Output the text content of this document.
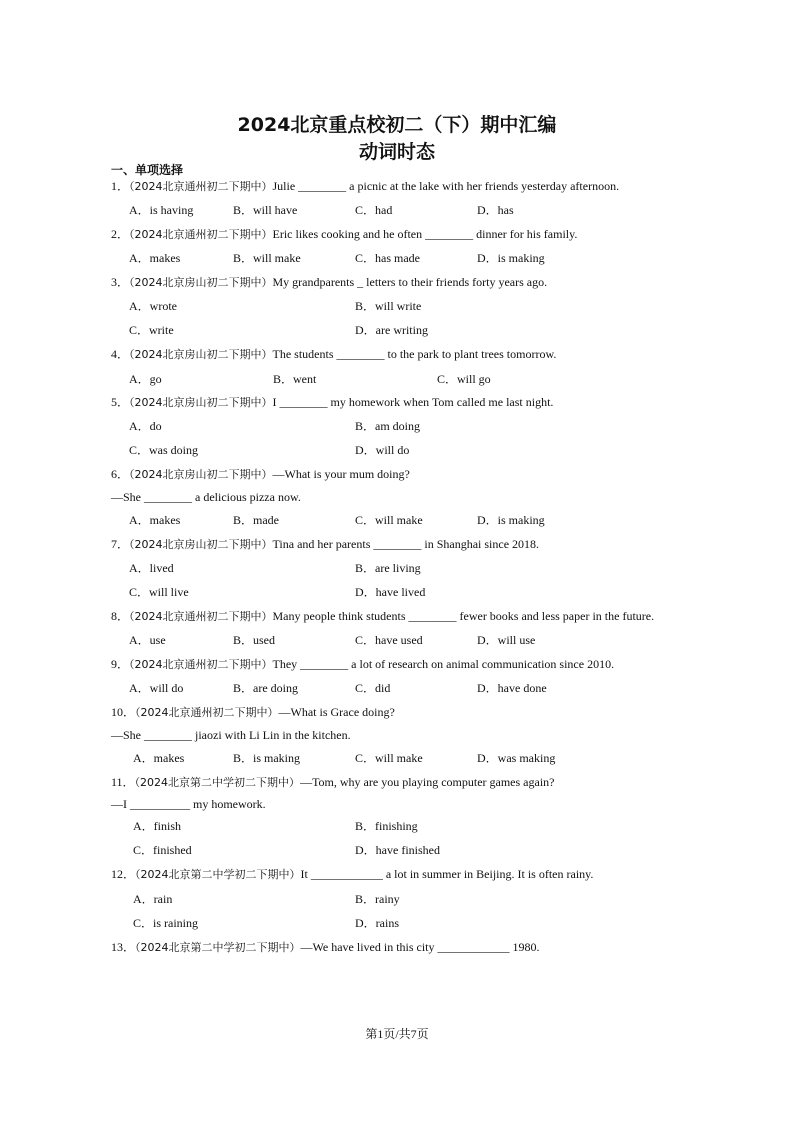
2024北京重点校初二（下）期中汇编
动词时态
一、单项选择
1．（2024北京通州初二下期中）Julie ________ a picnic at the lake with her friends yesterday afternoon.
A．is having	B．will have	C．had	D．has
2．（2024北京通州初二下期中）Eric likes cooking and he often ________ dinner for his family.
A．makes	B．will make	C．has made	D．is making
3．（2024北京房山初二下期中）My grandparents _ letters to their friends forty years ago.
A．wrote	B．will write
C．write	D．are writing
4．（2024北京房山初二下期中）The students ________ to the park to plant trees tomorrow.
A．go	B．went	C．will go
5．（2024北京房山初二下期中）I ________ my homework when Tom called me last night.
A．do	B．am doing
C．was doing	D．will do
6．（2024北京房山初二下期中）—What is your mum doing?
—She ________ a delicious pizza now.
A．makes	B．made	C．will make	D．is making
7．（2024北京房山初二下期中）Tina and her parents ________ in Shanghai since 2018.
A．lived	B．are living
C．will live	D．have lived
8．（2024北京通州初二下期中）Many people think students ________ fewer books and less paper in the future.
A．use	B．used	C．have used	D．will use
9．（2024北京通州初二下期中）They ________ a lot of research on animal communication since 2010.
A．will do	B．are doing	C．did	D．have done
10．（2024北京通州初二下期中）—What is Grace doing?
—She ________ jiaozi with Li Lin in the kitchen.
A．makes	B．is making	C．will make	D．was making
11．（2024北京第二中学初二下期中）—Tom, why are you playing computer games again?
—I __________ my homework.
A．finish	B．finishing
C．finished	D．have finished
12．（2024北京第二中学初二下期中）It ____________ a lot in summer in Beijing. It is often rainy.
A．rain	B．rainy
C．is raining	D．rains
13．（2024北京第二中学初二下期中）—We have lived in this city ____________ 1980.
第1页/共7页
